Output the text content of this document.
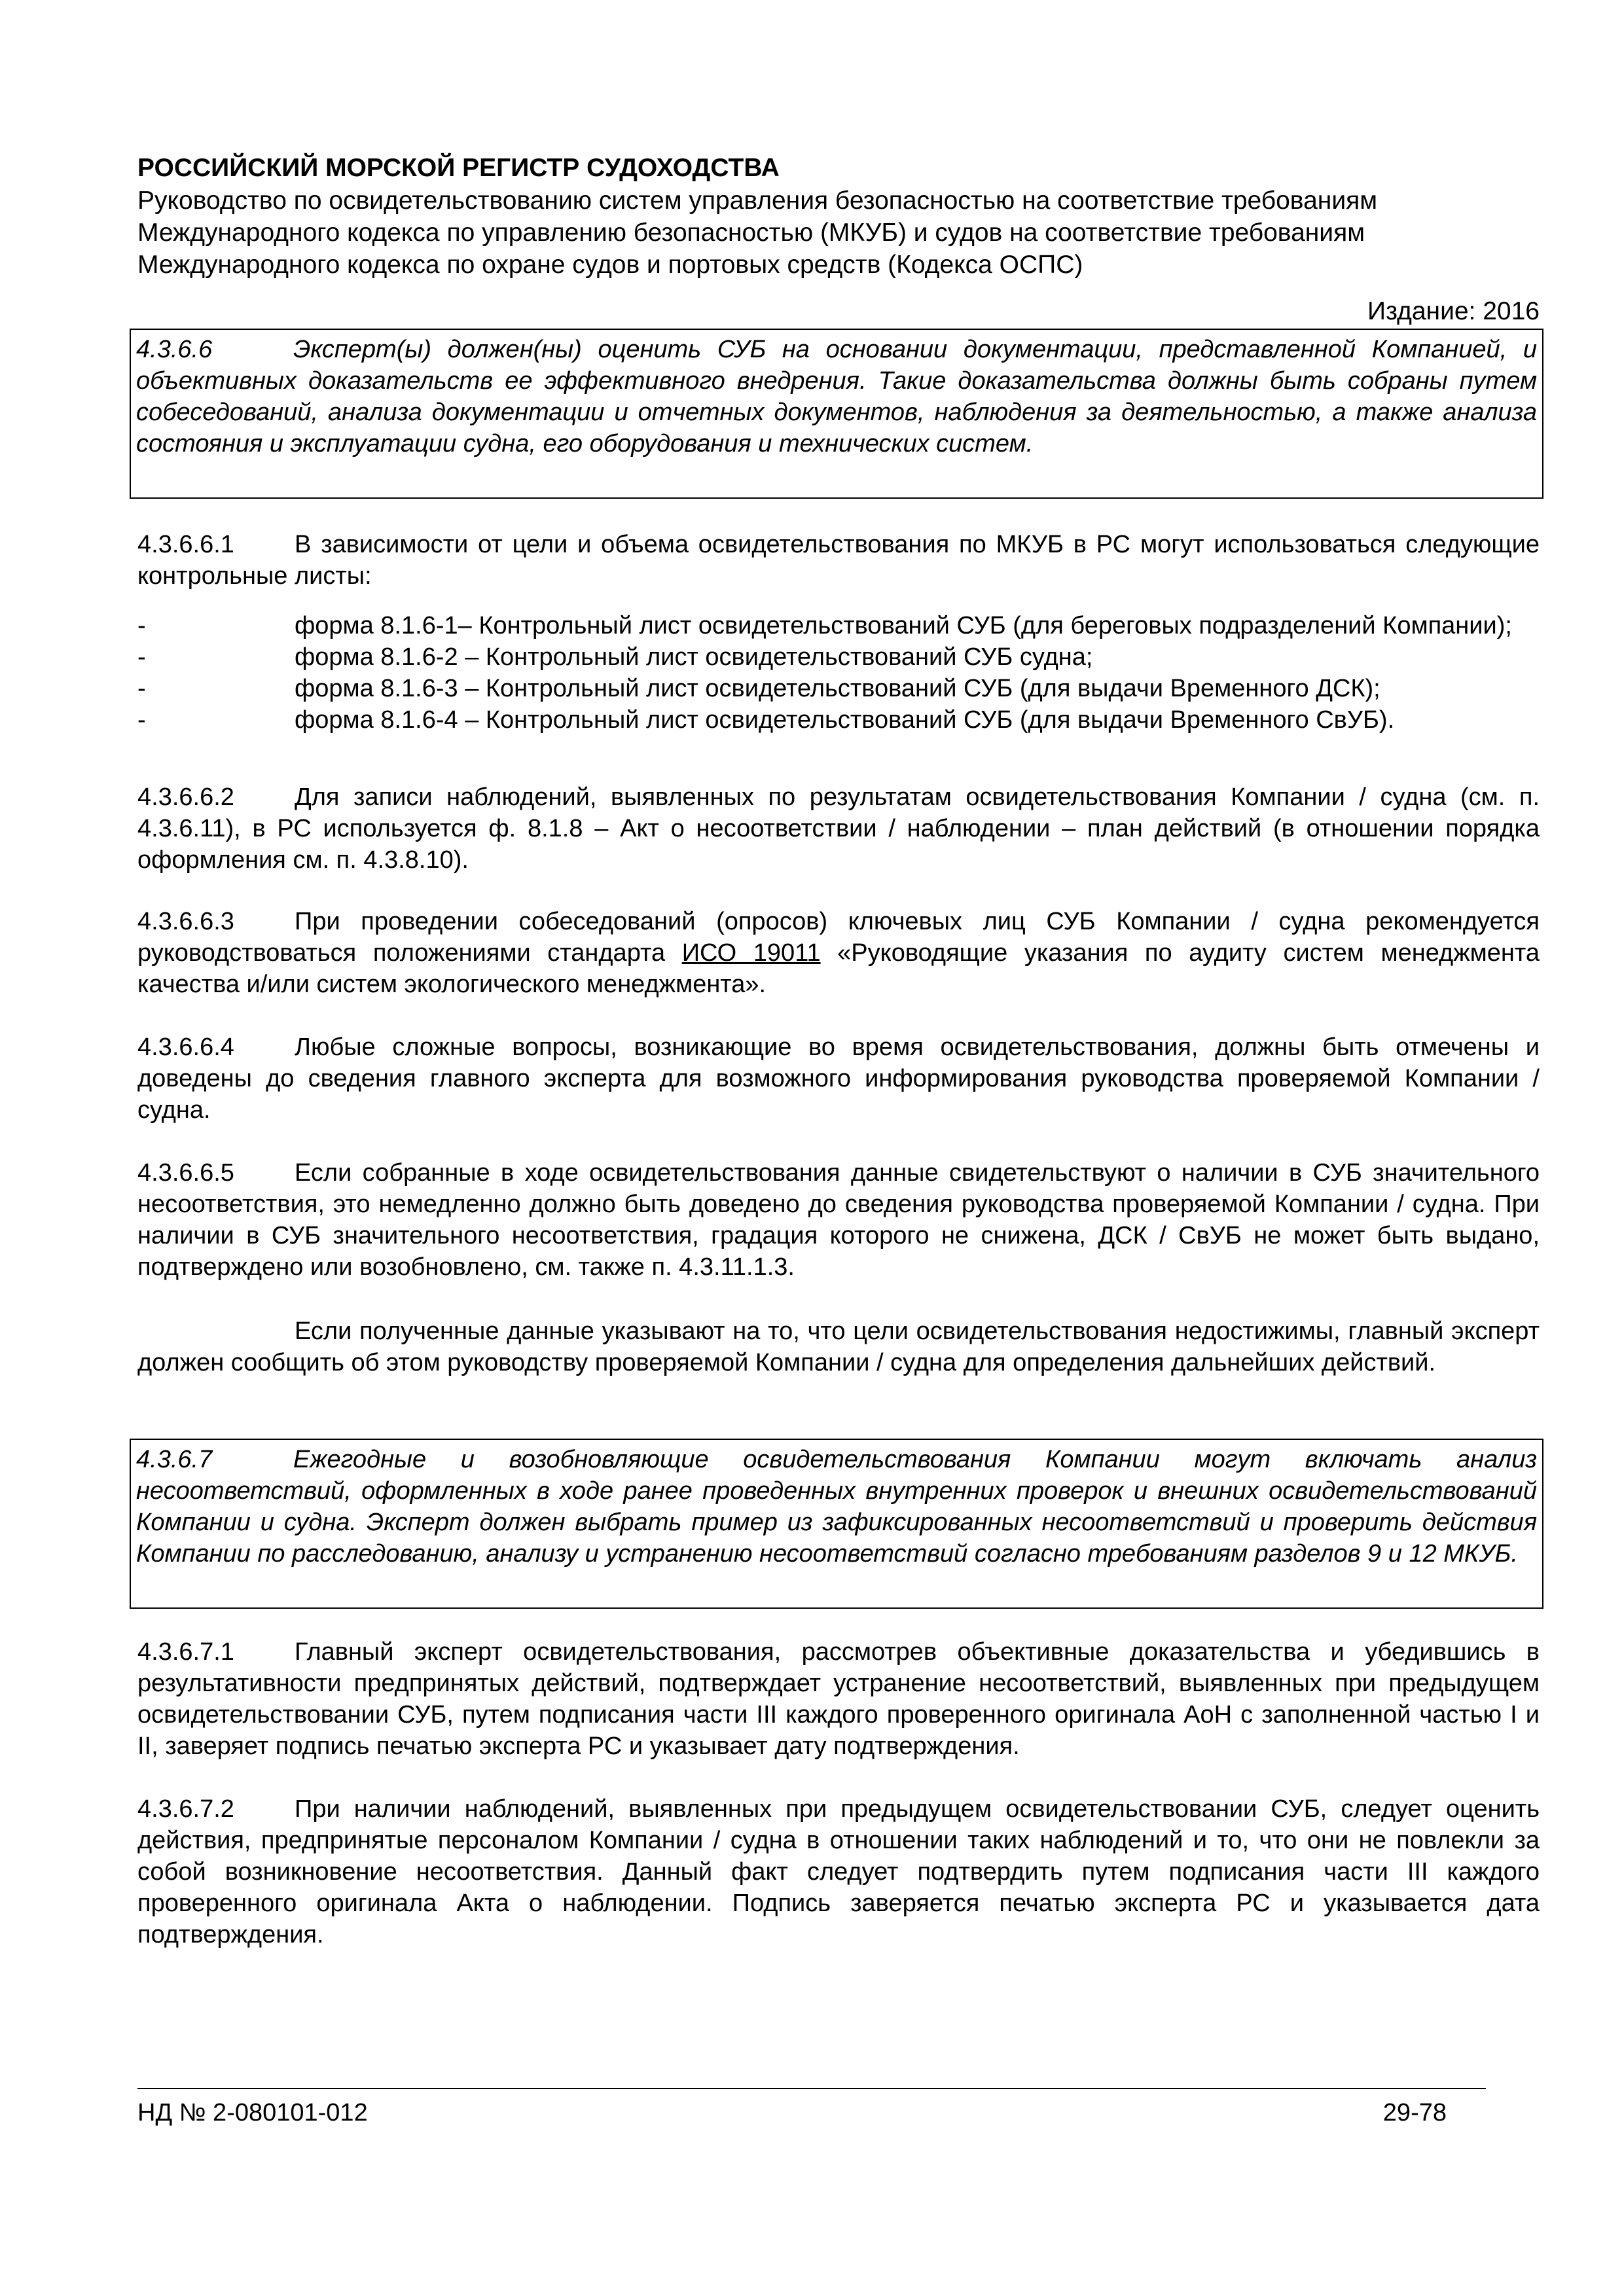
РОССИЙСКИЙ МОРСКОЙ РЕГИСТР СУДОХОДСТВА
Руководство по освидетельствованию систем управления безопасностью на соответствие требованиям
Международного кодекса по управлению безопасностью (МКУБ) и судов на соответствие требованиям
Международного кодекса по охране судов и портовых средств (Кодекса ОСПС)
Издание: 2016
4.3.6.6	Эксперт(ы) должен(ны) оценить СУБ на основании документации, представленной Компанией, и объективных доказательств ее эффективного внедрения. Такие доказательства должны быть собраны путем собеседований, анализа документации и отчетных документов, наблюдения за деятельностью, а также анализа состояния и эксплуатации судна, его оборудования и технических систем.
4.3.6.6.1 В зависимости от цели и объема освидетельствования по МКУБ в РС могут использоваться следующие контрольные листы:
-	форма 8.1.6-1– Контрольный лист освидетельствований СУБ (для береговых подразделений Компании);
-	форма 8.1.6-2 – Контрольный лист освидетельствований СУБ судна;
-	форма 8.1.6-3 – Контрольный лист освидетельствований СУБ (для выдачи Временного ДСК);
-	форма 8.1.6-4 – Контрольный лист освидетельствований СУБ (для выдачи Временного СвУБ).
4.3.6.6.2 Для записи наблюдений, выявленных по результатам освидетельствования Компании / судна (см. п. 4.3.6.11), в РС используется ф. 8.1.8 – Акт о несоответствии / наблюдении – план действий (в отношении порядка оформления см. п. 4.3.8.10).
4.3.6.6.3 При проведении собеседований (опросов) ключевых лиц СУБ Компании / судна рекомендуется руководствоваться положениями стандарта ИСО 19011 «Руководящие указания по аудиту систем менеджмента качества и/или систем экологического менеджмента».
4.3.6.6.4 Любые сложные вопросы, возникающие во время освидетельствования, должны быть отмечены и доведены до сведения главного эксперта для возможного информирования руководства проверяемой Компании / судна.
4.3.6.6.5 Если собранные в ходе освидетельствования данные свидетельствуют о наличии в СУБ значительного несоответствия, это немедленно должно быть доведено до сведения руководства проверяемой Компании / судна. При наличии в СУБ значительного несоответствия, градация которого не снижена, ДСК / СвУБ не может быть выдано, подтверждено или возобновлено, см. также п. 4.3.11.1.3.
Если полученные данные указывают на то, что цели освидетельствования недостижимы, главный эксперт должен сообщить об этом руководству проверяемой Компании / судна для определения дальнейших действий.
4.3.6.7	Ежегодные и возобновляющие освидетельствования Компании могут включать анализ несоответствий, оформленных в ходе ранее проведенных внутренних проверок и внешних освидетельствований Компании и судна. Эксперт должен выбрать пример из зафиксированных несоответствий и проверить действия Компании по расследованию, анализу и устранению несоответствий согласно требованиям разделов 9 и 12 МКУБ.
4.3.6.7.1 Главный эксперт освидетельствования, рассмотрев объективные доказательства и убедившись в результативности предпринятых действий, подтверждает устранение несоответствий, выявленных при предыдущем освидетельствовании СУБ, путем подписания части III каждого проверенного оригинала АоН с заполненной частью I и II, заверяет подпись печатью эксперта РС и указывает дату подтверждения.
4.3.6.7.2 При наличии наблюдений, выявленных при предыдущем освидетельствовании СУБ, следует оценить действия, предпринятые персоналом Компании / судна в отношении таких наблюдений и то, что они не повлекли за собой возникновение несоответствия. Данный факт следует подтвердить путем подписания части III каждого проверенного оригинала Акта о наблюдении. Подпись заверяется печатью эксперта РС и указывается дата подтверждения.
НД № 2-080101-012	29-78
